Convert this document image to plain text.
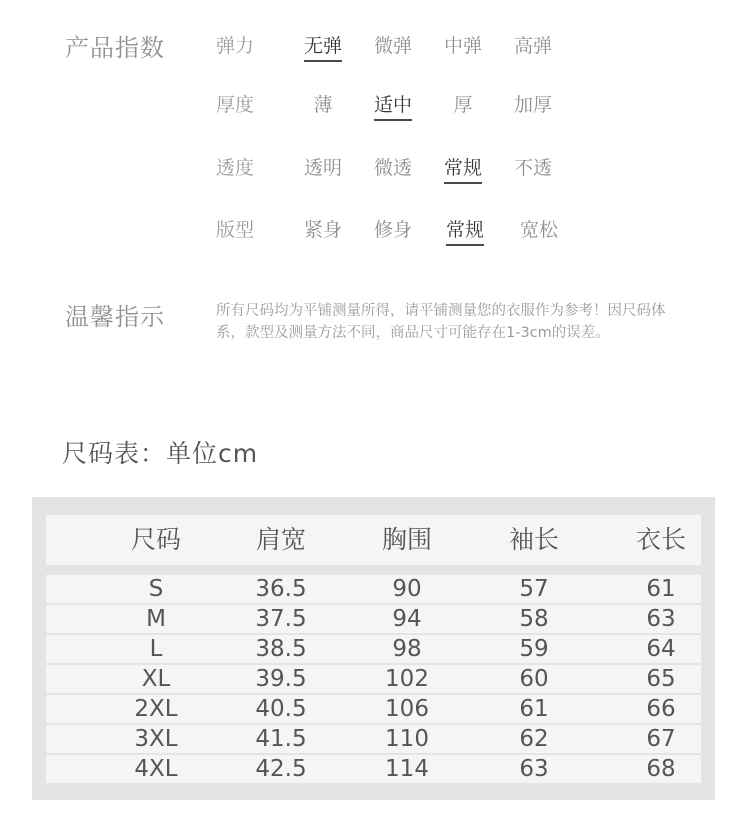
产品指数	弹力	无弹	微弹	中弹	高弹
厚度	薄	适中	厚	加厚
透度	透明	微透	常规	不透
版型	紧身	修身	常规	宽松
温馨指示	所有尺码均为平铺测量所得，请平铺测量您的衣服作为参考！因尺码体系，款型及测量方法不同，商品尺寸可能存在1-3cm的误差。
尺码表：单位cm
尺码	肩宽	胸围	袖长	衣长
S	36.5	90	57	61
M	37.5	94	58	63
L	38.5	98	59	64
XL	39.5	102	60	65
2XL	40.5	106	61	66
3XL	41.5	110	62	67
4XL	42.5	114	63	68
